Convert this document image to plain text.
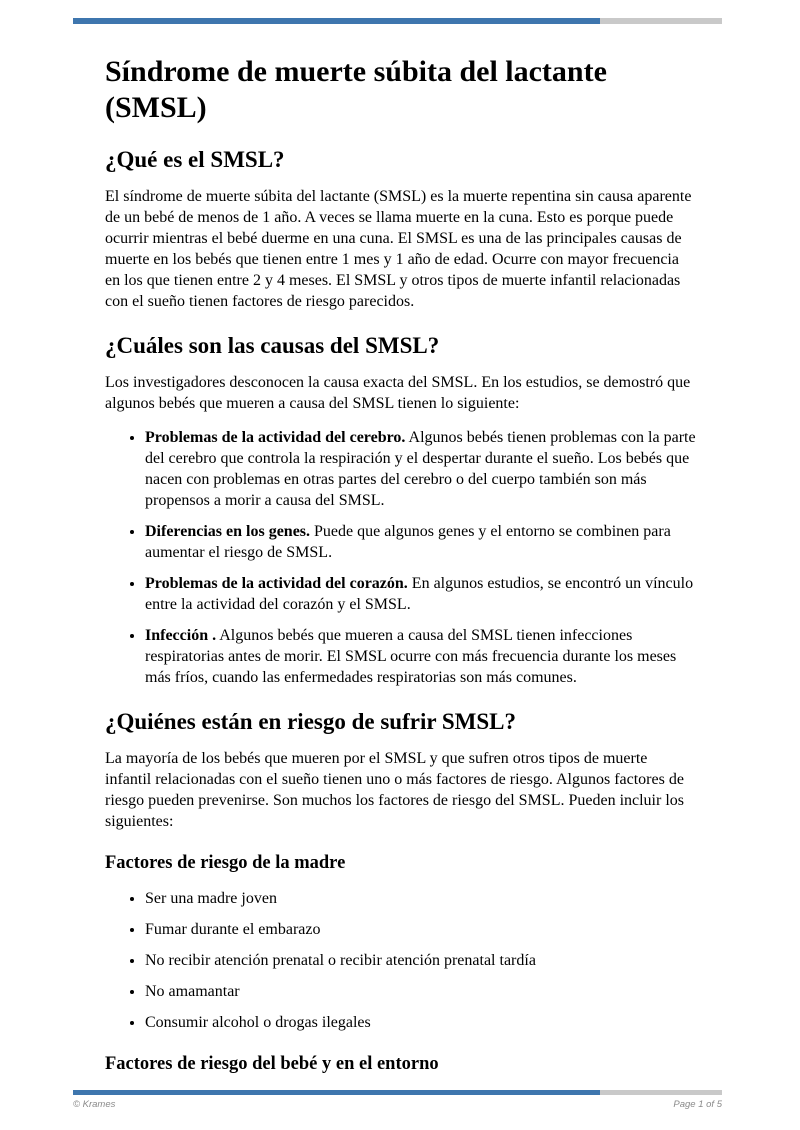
Síndrome de muerte súbita del lactante (SMSL)
¿Qué es el SMSL?

El síndrome de muerte súbita del lactante (SMSL) es la muerte repentina sin causa aparente de un bebé de menos de 1 año. A veces se llama muerte en la cuna. Esto es porque puede ocurrir mientras el bebé duerme en una cuna. El SMSL es una de las principales causas de muerte en los bebés que tienen entre 1 mes y 1 año de edad. Ocurre con mayor frecuencia en los que tienen entre 2 y 4 meses. El SMSL y otros tipos de muerte infantil relacionadas con el sueño tienen factores de riesgo parecidos.

¿Cuáles son las causas del SMSL?

Los investigadores desconocen la causa exacta del SMSL. En los estudios, se demostró que algunos bebés que mueren a causa del SMSL tienen lo siguiente:

• Problemas de la actividad del cerebro. Algunos bebés tienen problemas con la parte del cerebro que controla la respiración y el despertar durante el sueño. Los bebés que nacen con problemas en otras partes del cerebro o del cuerpo también son más propensos a morir a causa del SMSL.
• Diferencias en los genes. Puede que algunos genes y el entorno se combinen para aumentar el riesgo de SMSL.
• Problemas de la actividad del corazón. En algunos estudios, se encontró un vínculo entre la actividad del corazón y el SMSL.
• Infección . Algunos bebés que mueren a causa del SMSL tienen infecciones respiratorias antes de morir. El SMSL ocurre con más frecuencia durante los meses más fríos, cuando las enfermedades respiratorias son más comunes.
¿Quiénes están en riesgo de sufrir SMSL?

La mayoría de los bebés que mueren por el SMSL y que sufren otros tipos de muerte infantil relacionadas con el sueño tienen uno o más factores de riesgo. Algunos factores de riesgo pueden prevenirse. Son muchos los factores de riesgo del SMSL. Pueden incluir los siguientes:

Factores de riesgo de la madre
• Ser una madre joven
• Fumar durante el embarazo
• No recibir atención prenatal o recibir atención prenatal tardía
• No amamantar
• Consumir alcohol o drogas ilegales
Factores de riesgo del bebé y en el entorno
© Krames	Page 1 of 5
